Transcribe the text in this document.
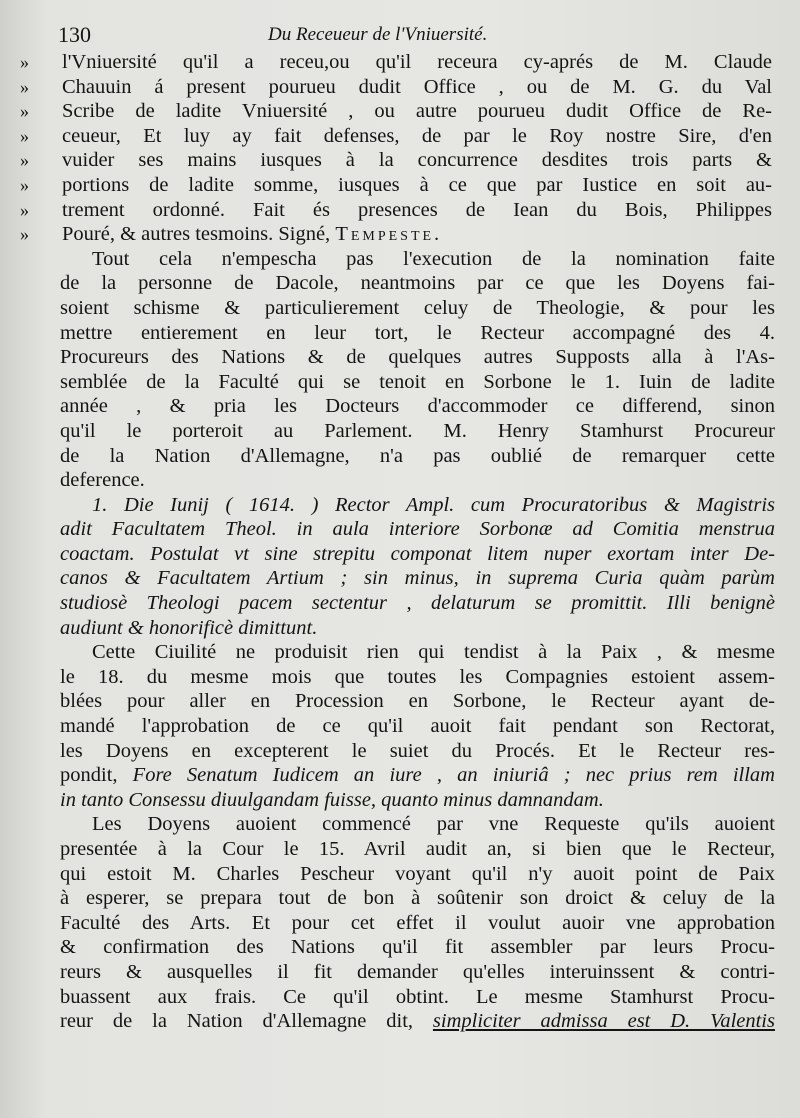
130	Du Receueur de l'Vniuersité.
» l'Vniuersité qu'il a receu,ou qu'il receura cy-aprés de M. Claude
» Chauuin á present pourueu dudit Office , ou de M. G. du Val
» Scribe de ladite Vniuersité , ou autre pourueu dudit Office de Re-
» ceueur, Et luy ay fait defenses, de par le Roy nostre Sire, d'en
» vuider ses mains iusques à la concurrence desdites trois parts &
» portions de ladite somme, iusques à ce que par Iustice en soit au-
» trement ordonné. Fait és presences de Iean du Bois, Philippes
» Pouré, & autres tesmoins. Signé, Tempeste.
Tout cela n'empescha pas l'execution de la nomination faite
de la personne de Dacole, neantmoins par ce que les Doyens fai-
soient schisme & particulierement celuy de Theologie, & pour les
mettre entierement en leur tort, le Recteur accompagné des 4.
Procureurs des Nations & de quelques autres Supposts alla à l'As-
semblée de la Faculté qui se tenoit en Sorbone le 1. Iuin de ladite
année , & pria les Docteurs d'accommoder ce differend, sinon
qu'il le porteroit au Parlement. M. Henry Stamhurst Procureur
de la Nation d'Allemagne, n'a pas oublié de remarquer cette
deference.
1. Die Iunij ( 1614. ) Rector Ampl. cum Procuratoribus & Magistris
adit Facultatem Theol. in aula interiore Sorbonæ ad Comitia menstrua
coactam. Postulat vt sine strepitu componat litem nuper exortam inter De-
canos & Facultatem Artium ; sin minus, in suprema Curia quàm parùm
studiosè Theologi pacem sectentur , delaturum se promittit. Illi benignè
audiunt & honorificè dimittunt.
Cette Ciuilité ne produisit rien qui tendist à la Paix , & mesme
le 18. du mesme mois que toutes les Compagnies estoient assem-
blées pour aller en Procession en Sorbone, le Recteur ayant de-
mandé l'approbation de ce qu'il auoit fait pendant son Rectorat,
les Doyens en excepterent le suiet du Procés. Et le Recteur res-
pondit, Fore Senatum Iudicem an iure , an iniuriâ ; nec prius rem illam
in tanto Consessu diuulgandam fuisse, quanto minus damnandam.
Les Doyens auoient commencé par vne Requeste qu'ils auoient
presentée à la Cour le 15. Avril audit an, si bien que le Recteur,
qui estoit M. Charles Pescheur voyant qu'il n'y auoit point de Paix
à esperer, se prepara tout de bon à soûtenir son droict & celuy de la
Faculté des Arts. Et pour cet effet il voulut auoir vne approbation
& confirmation des Nations qu'il fit assembler par leurs Procu-
reurs & ausquelles il fit demander qu'elles interuinssent & contri-
buassent aux frais. Ce qu'il obtint. Le mesme Stamhurst Procu-
reur de la Nation d'Allemagne dit, simpliciter admissa est D. Valentis
